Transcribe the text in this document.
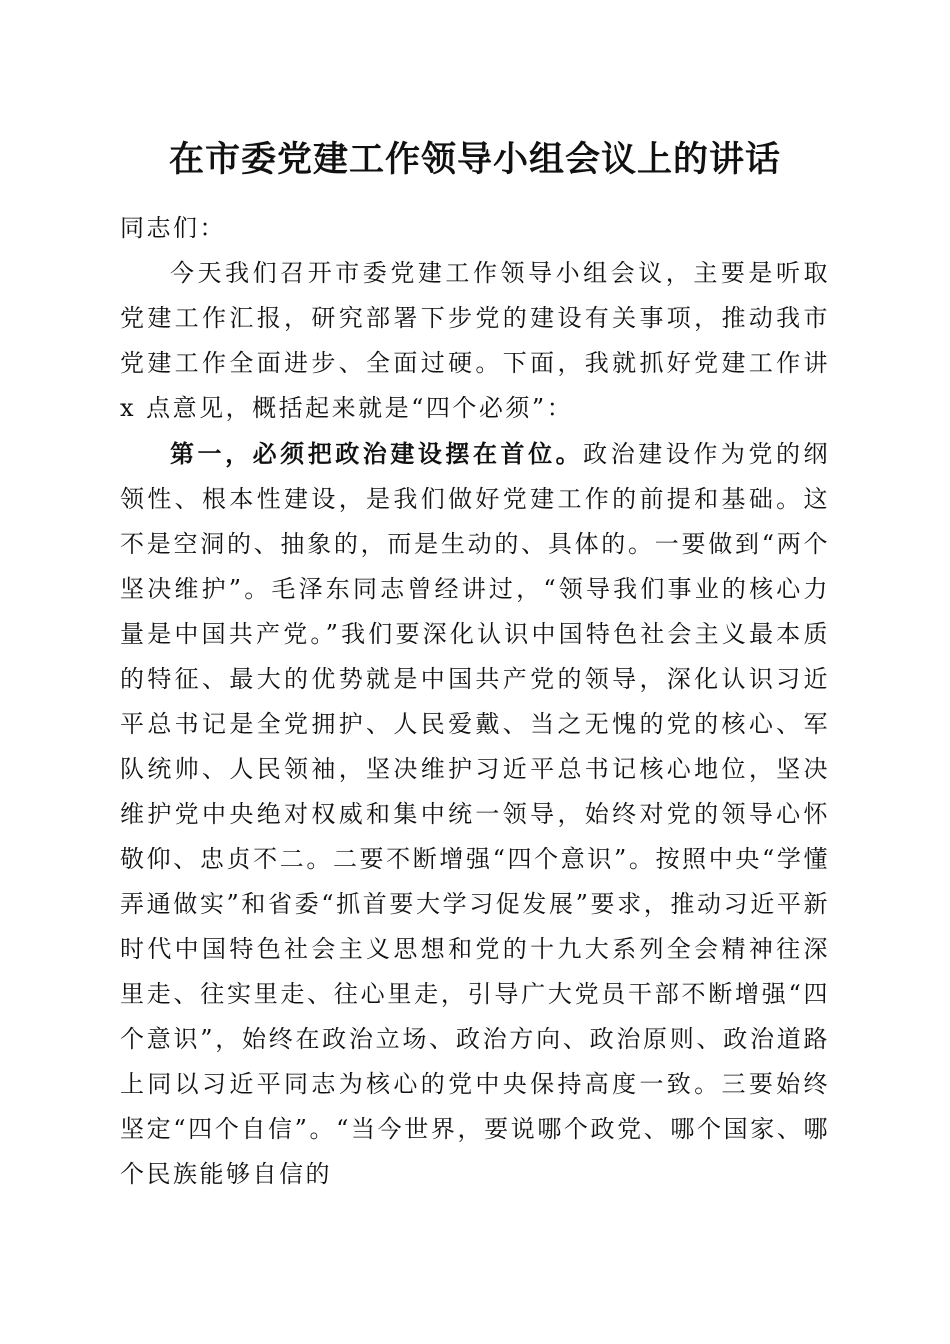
在市委党建工作领导小组会议上的讲话

同志们：

今天我们召开市委党建工作领导小组会议，主要是听取党建工作汇报，研究部署下步党的建设有关事项，推动我市党建工作全面进步、全面过硬。下面，我就抓好党建工作讲 x 点意见，概括起来就是“四个必须”：

第一，必须把政治建设摆在首位。政治建设作为党的纲领性、根本性建设，是我们做好党建工作的前提和基础。这不是空洞的、抽象的，而是生动的、具体的。一要做到“两个坚决维护”。毛泽东同志曾经讲过，“领导我们事业的核心力量是中国共产党。”我们要深化认识中国特色社会主义最本质的特征、最大的优势就是中国共产党的领导，深化认识习近平总书记是全党拥护、人民爱戴、当之无愧的党的核心、军队统帅、人民领袖，坚决维护习近平总书记核心地位，坚决维护党中央绝对权威和集中统一领导，始终对党的领导心怀敬仰、忠贞不二。二要不断增强“四个意识”。按照中央“学懂弄通做实”和省委“抓首要大学习促发展”要求，推动习近平新时代中国特色社会主义思想和党的十九大系列全会精神往深里走、往实里走、往心里走，引导广大党员干部不断增强“四个意识”，始终在政治立场、政治方向、政治原则、政治道路上同以习近平同志为核心的党中央保持高度一致。三要始终坚定“四个自信”。“当今世界，要说哪个政党、哪个国家、哪个民族能够自信的
